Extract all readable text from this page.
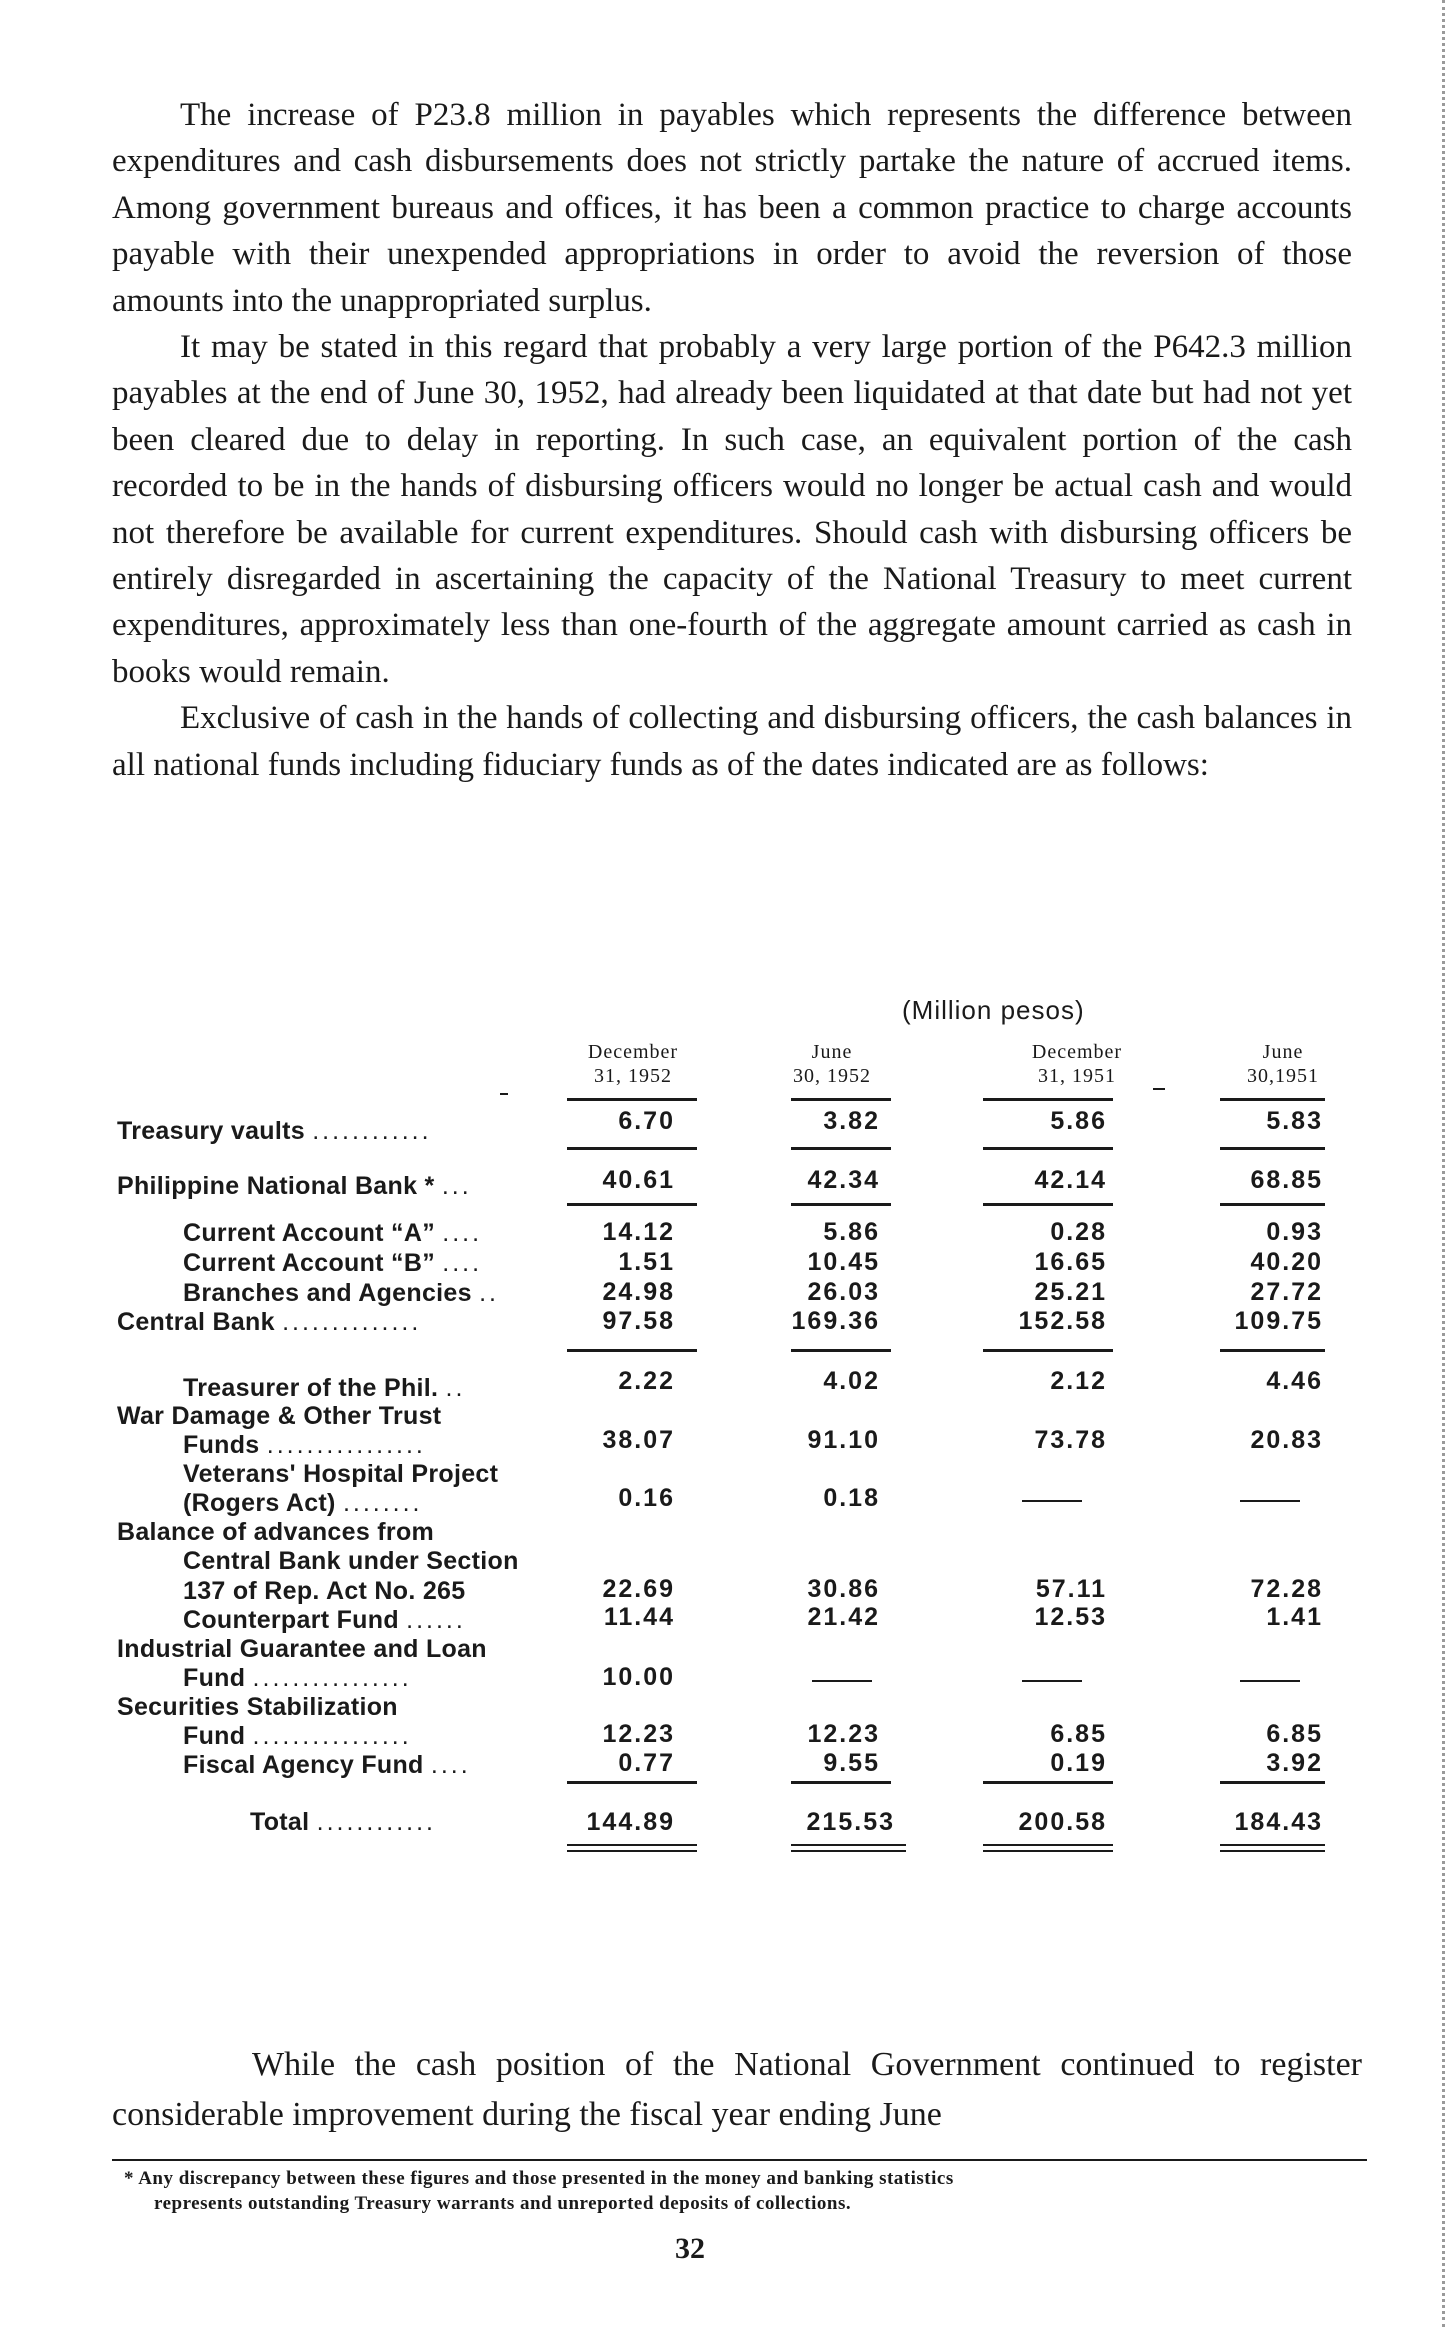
The increase of P23.8 million in payables which represents the difference between expenditures and cash disbursements does not strictly partake the nature of accrued items. Among government bureaus and offices, it has been a common practice to charge accounts payable with their unexpended appropriations in order to avoid the reversion of those amounts into the unappropriated surplus.

It may be stated in this regard that probably a very large portion of the P642.3 million payables at the end of June 30, 1952, had already been liquidated at that date but had not yet been cleared due to delay in reporting. In such case, an equivalent portion of the cash recorded to be in the hands of disbursing officers would no longer be actual cash and would not therefore be available for current expenditures. Should cash with disbursing officers be entirely disregarded in ascertaining the capacity of the National Treasury to meet current expenditures, approximately less than one-fourth of the aggregate amount carried as cash in books would remain.

Exclusive of cash in the hands of collecting and disbursing officers, the cash balances in all national funds including fiduciary funds as of the dates indicated are as follows:

(Million pesos)
December
31, 1952
June
30, 1952
December
31, 1951
June
30,1951
Treasury vaults ............	6.70	3.82	5.86	5.83
Philippine National Bank * ...	40.61	42.34	42.14	68.85
Current Account “A” ....	14.12	5.86	0.28	0.93
Current Account “B” ....	1.51	10.45	16.65	40.20
Branches and Agencies ..	24.98	26.03	25.21	27.72
Central Bank ..............	97.58	169.36	152.58	109.75
Treasurer of the Phil. ..	2.22	4.02	2.12	4.46
War Damage & Other Trust
Funds ................	38.07	91.10	73.78	20.83
Veterans' Hospital Project
(Rogers Act) ........	0.16	0.18
Balance of advances from
Central Bank under Section
137 of Rep. Act No. 265	22.69	30.86	57.11	72.28
Counterpart Fund ......	11.44	21.42	12.53	1.41
Industrial Guarantee and Loan
Fund ................	10.00
Securities Stabilization
Fund ................	12.23	12.23	6.85	6.85
Fiscal Agency Fund ....	0.77	9.55	0.19	3.92
Total ............	144.89	215.53	200.58	184.43

While the cash position of the National Government continued to register considerable improvement during the fiscal year ending June

* Any discrepancy between these figures and those presented in the money and banking statistics
represents outstanding Treasury warrants and unreported deposits of collections.
32
